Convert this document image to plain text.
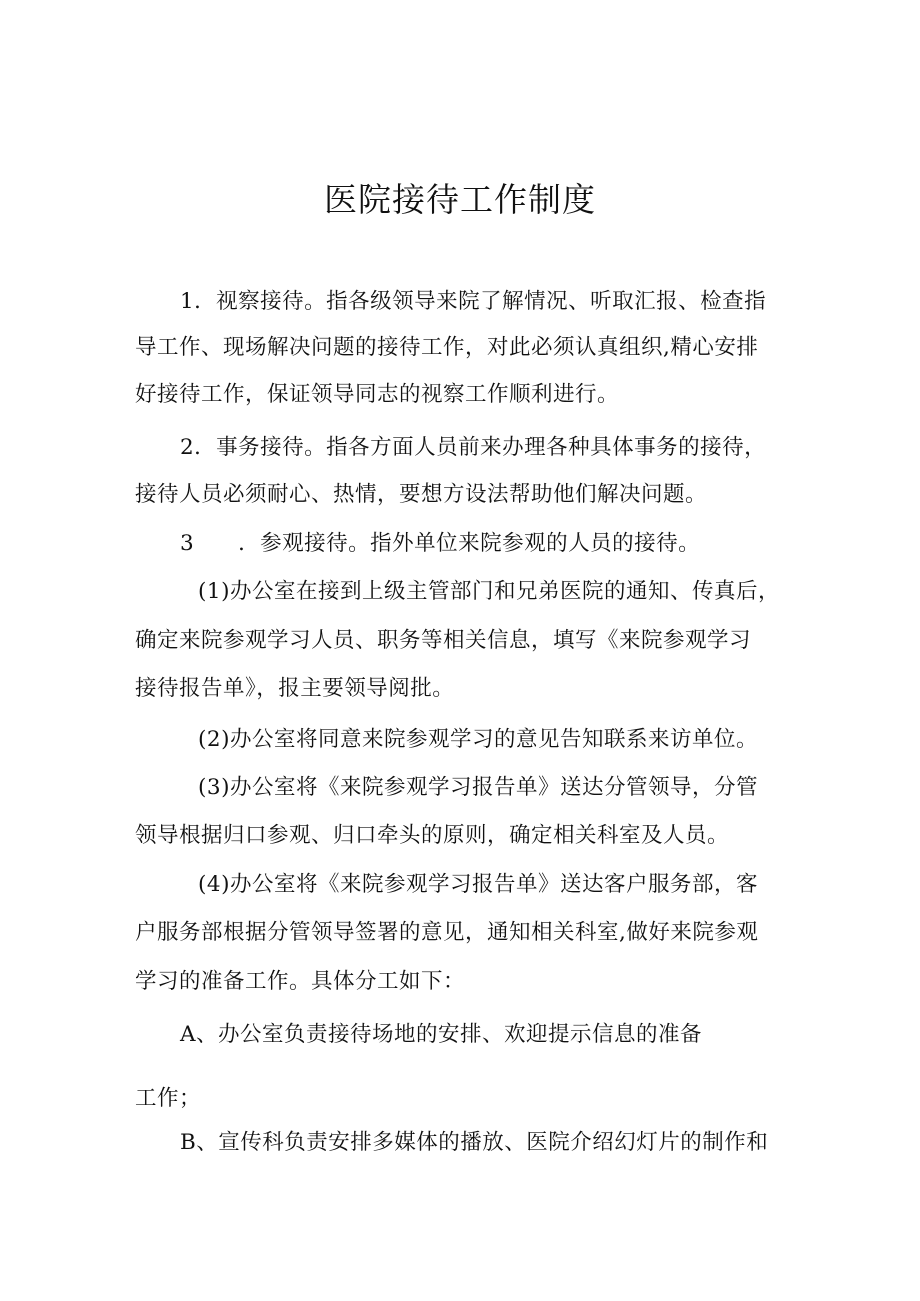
医院接待工作制度

1．视察接待。指各级领导来院了解情况、听取汇报、检查指

导工作、现场解决问题的接待工作，对此必须认真组织,精心安排

好接待工作，保证领导同志的视察工作顺利进行。

2．事务接待。指各方面人员前来办理各种具体事务的接待，

接待人员必须耐心、热情，要想方设法帮助他们解决问题。

3　　．参观接待。指外单位来院参观的人员的接待。

(1)办公室在接到上级主管部门和兄弟医院的通知、传真后，

确定来院参观学习人员、职务等相关信息，填写《来院参观学习

接待报告单》，报主要领导阅批。

(2)办公室将同意来院参观学习的意见告知联系来访单位。

(3)办公室将《来院参观学习报告单》送达分管领导，分管

领导根据归口参观、归口牵头的原则，确定相关科室及人员。

(4)办公室将《来院参观学习报告单》送达客户服务部，客

户服务部根据分管领导签署的意见，通知相关科室,做好来院参观

学习的准备工作。具体分工如下：

A、办公室负责接待场地的安排、欢迎提示信息的准备

工作；

B、宣传科负责安排多媒体的播放、医院介绍幻灯片的制作和
